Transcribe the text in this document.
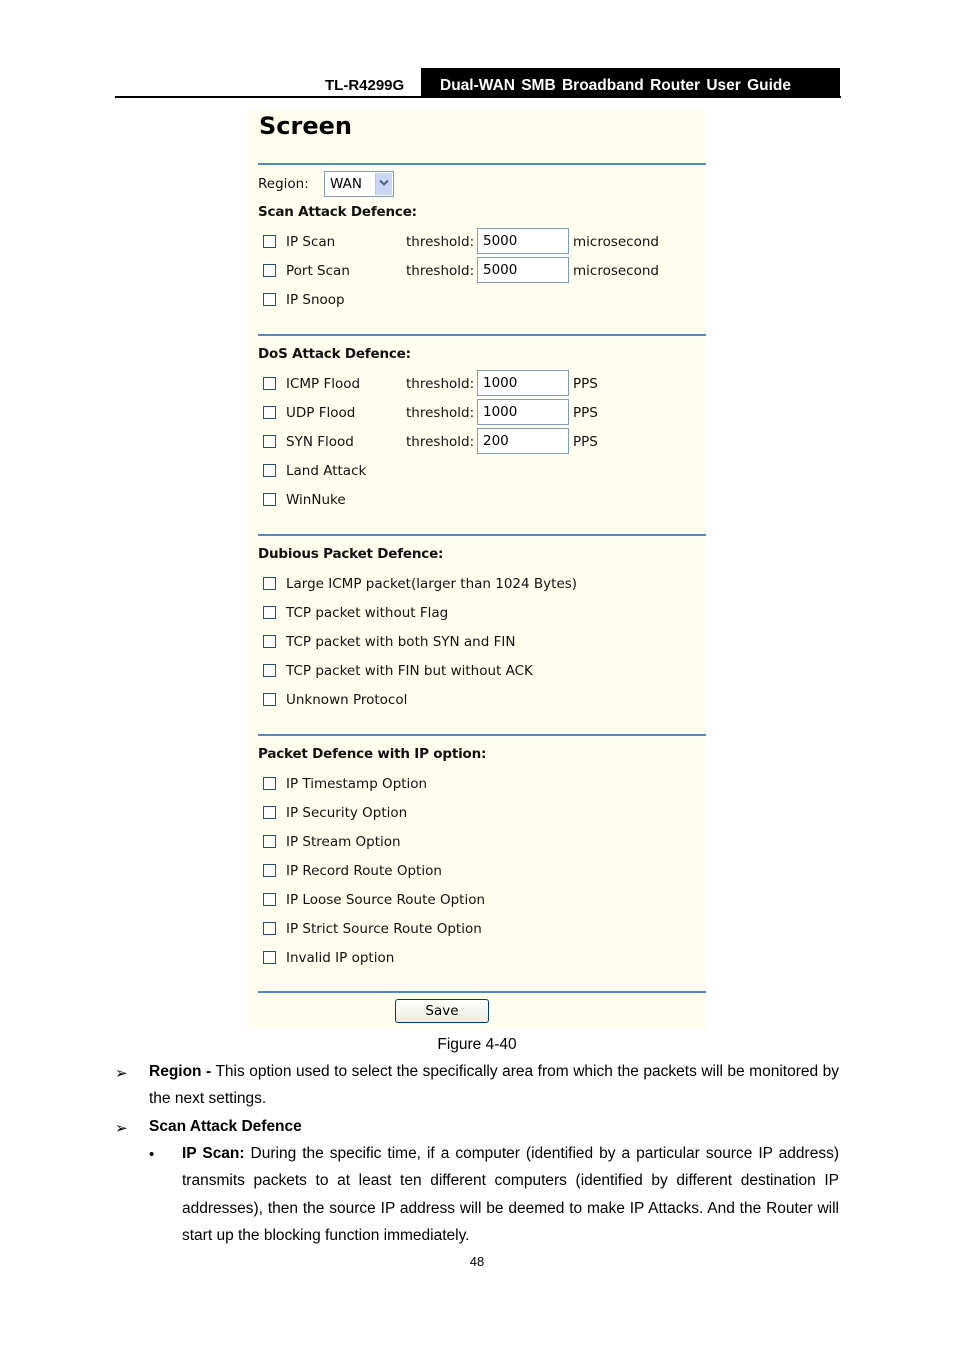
TL-R4299G	Dual-WAN SMB Broadband Router User Guide
Screen
Region: WAN
Scan Attack Defence:
IP Scan	threshold: 5000	microsecond
Port Scan	threshold: 5000	microsecond
IP Snoop
DoS Attack Defence:
ICMP Flood	threshold: 1000	PPS
UDP Flood	threshold: 1000	PPS
SYN Flood	threshold: 200	PPS
Land Attack
WinNuke
Dubious Packet Defence:
Large ICMP packet(larger than 1024 Bytes)
TCP packet without Flag
TCP packet with both SYN and FIN
TCP packet with FIN but without ACK
Unknown Protocol
Packet Defence with IP option:
IP Timestamp Option
IP Security Option
IP Stream Option
IP Record Route Option
IP Loose Source Route Option
IP Strict Source Route Option
Invalid IP option
Save
Figure 4-40
➢ Region - This option used to select the specifically area from which the packets will be monitored by the next settings.
➢ Scan Attack Defence
• IP Scan: During the specific time, if a computer (identified by a particular source IP address) transmits packets to at least ten different computers (identified by different destination IP addresses), then the source IP address will be deemed to make IP Attacks. And the Router will start up the blocking function immediately.
48
